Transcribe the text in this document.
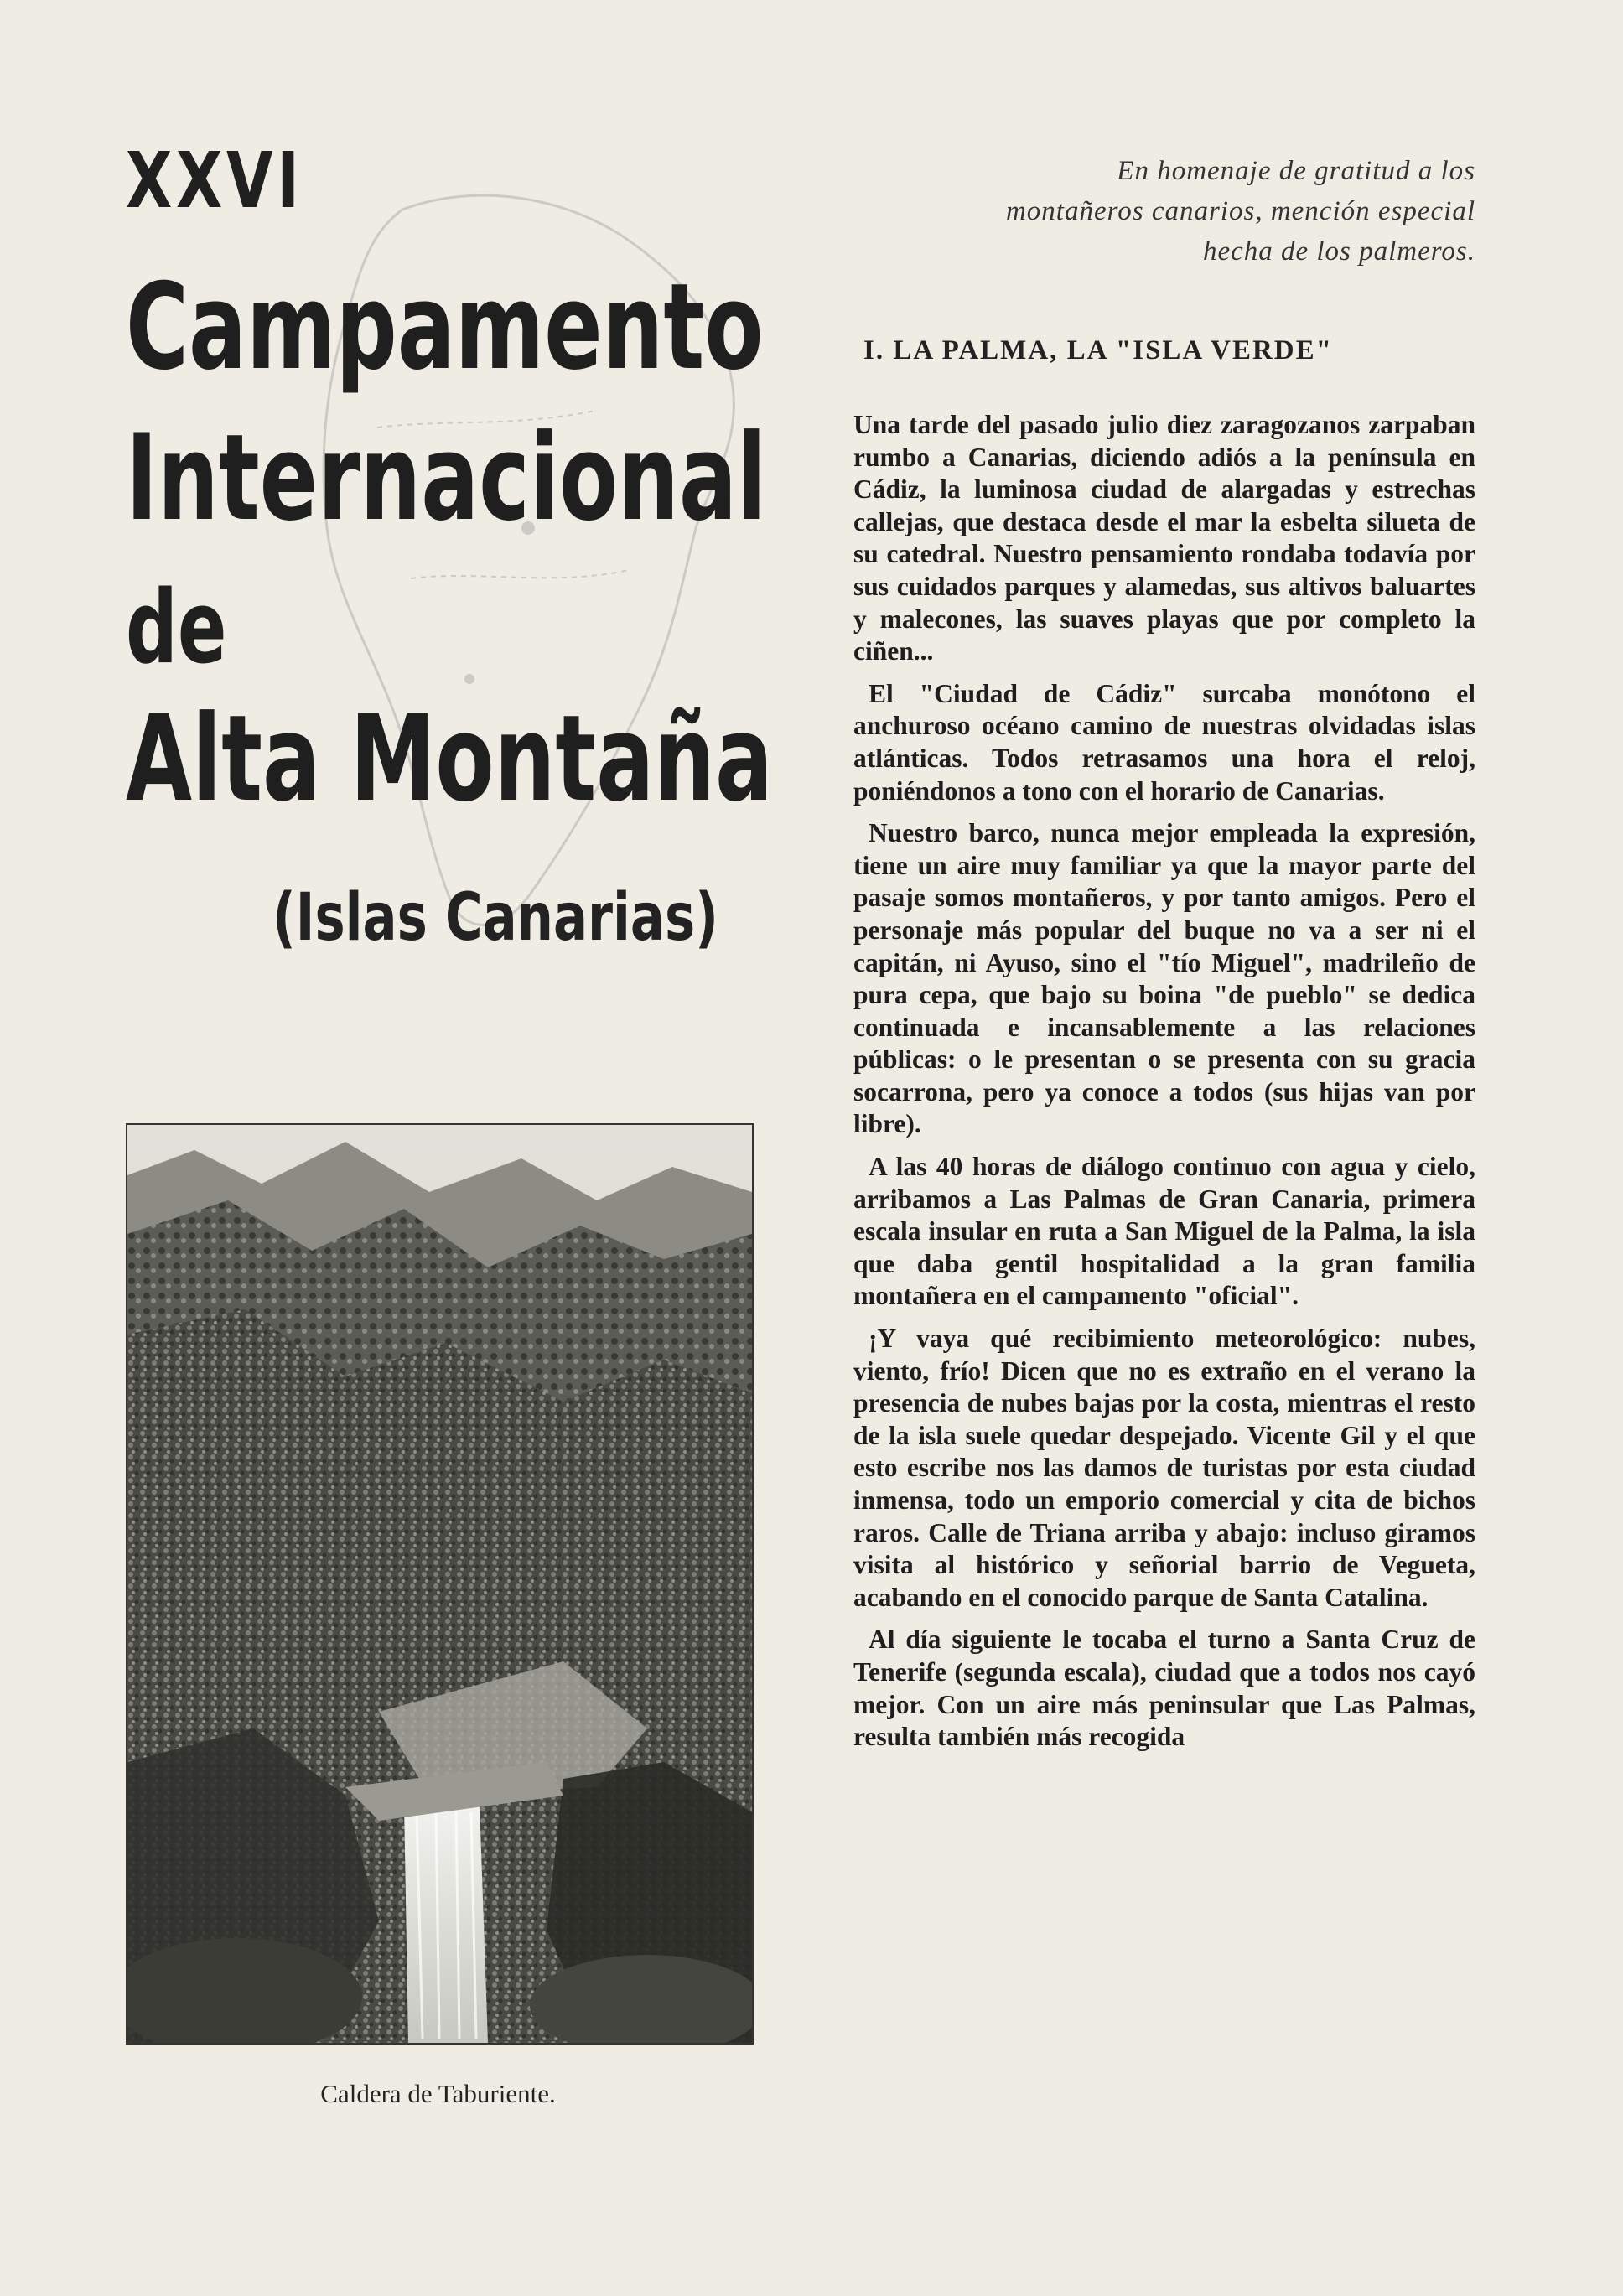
XXVI
Campamento
Internacional
de
Alta Montaña
(Islas Canarias)
Caldera de Taburiente.
En homenaje de gratitud a los montañeros canarios, mención especial hecha de los palmeros.
I. LA PALMA, LA "ISLA VERDE"

Una tarde del pasado julio diez zaragozanos zarpaban rumbo a Canarias, diciendo adiós a la península en Cádiz, la luminosa ciudad de alargadas y estrechas callejas, que destaca desde el mar la esbelta silueta de su catedral. Nuestro pensamiento rondaba todavía por sus cuidados parques y alamedas, sus altivos baluartes y malecones, las suaves playas que por completo la ciñen...

El "Ciudad de Cádiz" surcaba monótono el anchuroso océano camino de nuestras olvidadas islas atlánticas. Todos retrasamos una hora el reloj, poniéndonos a tono con el horario de Canarias.

Nuestro barco, nunca mejor empleada la expresión, tiene un aire muy familiar ya que la mayor parte del pasaje somos montañeros, y por tanto amigos. Pero el personaje más popular del buque no va a ser ni el capitán, ni Ayuso, sino el "tío Miguel", madrileño de pura cepa, que bajo su boina "de pueblo" se dedica continuada e incansablemente a las relaciones públicas: o le presentan o se presenta con su gracia socarrona, pero ya conoce a todos (sus hijas van por libre).

A las 40 horas de diálogo continuo con agua y cielo, arribamos a Las Palmas de Gran Canaria, primera escala insular en ruta a San Miguel de la Palma, la isla que daba gentil hospitalidad a la gran familia montañera en el campamento "oficial".

¡Y vaya qué recibimiento meteorológico: nubes, viento, frío! Dicen que no es extraño en el verano la presencia de nubes bajas por la costa, mientras el resto de la isla suele quedar despejado. Vicente Gil y el que esto escribe nos las damos de turistas por esta ciudad inmensa, todo un emporio comercial y cita de bichos raros. Calle de Triana arriba y abajo: incluso giramos visita al histórico y señorial barrio de Vegueta, acabando en el conocido parque de Santa Catalina.

Al día siguiente le tocaba el turno a Santa Cruz de Tenerife (segunda escala), ciudad que a todos nos cayó mejor. Con un aire más peninsular que Las Palmas, resulta también más recogida
